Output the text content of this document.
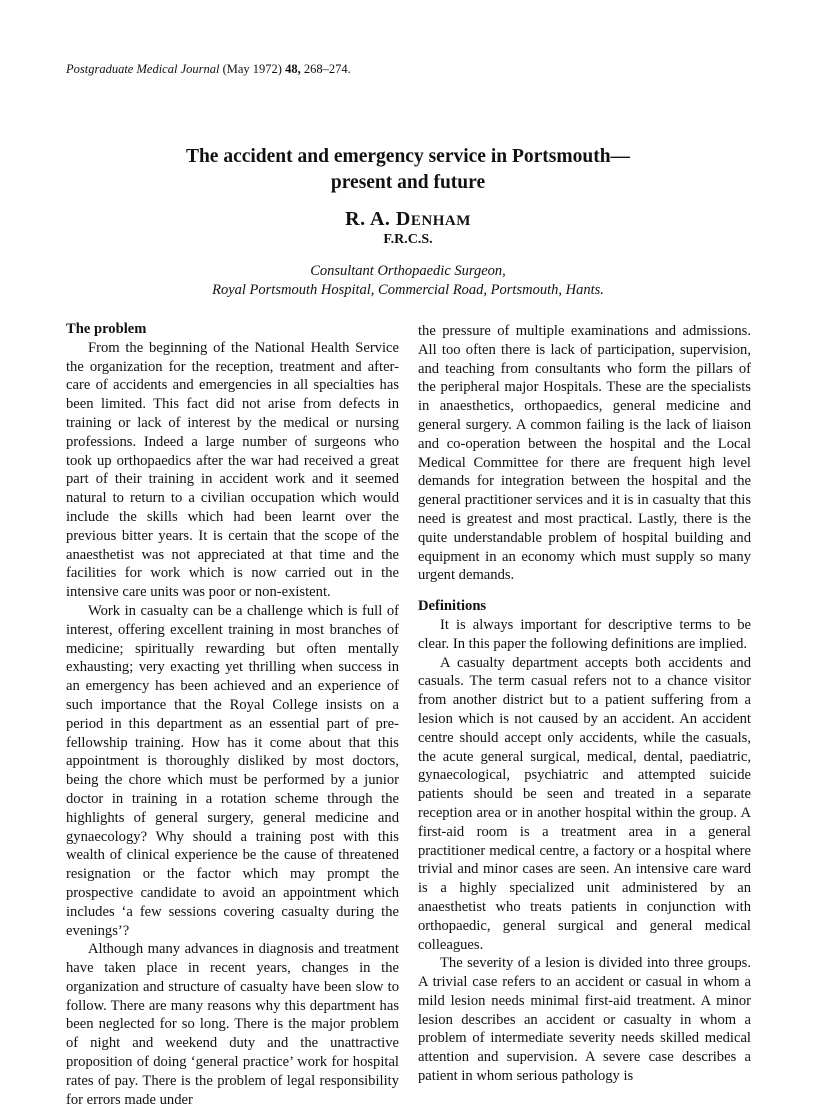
Postgraduate Medical Journal (May 1972) 48, 268–274.
The accident and emergency service in Portsmouth—
present and future
R. A. DENHAM
F.R.C.S.
Consultant Orthopaedic Surgeon,
Royal Portsmouth Hospital, Commercial Road, Portsmouth, Hants.
The problem

From the beginning of the National Health Service the organization for the reception, treatment and after-care of accidents and emergencies in all specialties has been limited. This fact did not arise from defects in training or lack of interest by the medical or nursing professions. Indeed a large number of surgeons who took up orthopaedics after the war had received a great part of their training in accident work and it seemed natural to return to a civilian occupation which would include the skills which had been learnt over the previous bitter years. It is certain that the scope of the anaesthetist was not appreciated at that time and the facilities for work which is now carried out in the intensive care units was poor or non-existent.

Work in casualty can be a challenge which is full of interest, offering excellent training in most branches of medicine; spiritually rewarding but often mentally exhausting; very exacting yet thrilling when success in an emergency has been achieved and an experience of such importance that the Royal College insists on a period in this department as an essential part of pre-fellowship training. How has it come about that this appointment is thoroughly disliked by most doctors, being the chore which must be performed by a junior doctor in training in a rotation scheme through the highlights of general surgery, general medicine and gynaecology? Why should a training post with this wealth of clinical experience be the cause of threatened resignation or the factor which may prompt the prospective candidate to avoid an appointment which includes ‘a few sessions covering casualty during the evenings’?

Although many advances in diagnosis and treatment have taken place in recent years, changes in the organization and structure of casualty have been slow to follow. There are many reasons why this department has been neglected for so long. There is the major problem of night and weekend duty and the unattractive proposition of doing ‘general practice’ work for hospital rates of pay. There is the problem of legal responsibility for errors made under

the pressure of multiple examinations and admissions. All too often there is lack of participation, supervision, and teaching from consultants who form the pillars of the peripheral major Hospitals. These are the specialists in anaesthetics, orthopaedics, general medicine and general surgery. A common failing is the lack of liaison and co-operation between the hospital and the Local Medical Committee for there are frequent high level demands for integration between the hospital and the general practitioner services and it is in casualty that this need is greatest and most practical. Lastly, there is the quite understandable problem of hospital building and equipment in an economy which must supply so many urgent demands.

Definitions

It is always important for descriptive terms to be clear. In this paper the following definitions are implied.

A casualty department accepts both accidents and casuals. The term casual refers not to a chance visitor from another district but to a patient suffering from a lesion which is not caused by an accident. An accident centre should accept only accidents, while the casuals, the acute general surgical, medical, dental, paediatric, gynaecological, psychiatric and attempted suicide patients should be seen and treated in a separate reception area or in another hospital within the group. A first-aid room is a treatment area in a general practitioner medical centre, a factory or a hospital where trivial and minor cases are seen. An intensive care ward is a highly specialized unit administered by an anaesthetist who treats patients in conjunction with orthopaedic, general surgical and general medical colleagues.

The severity of a lesion is divided into three groups. A trivial case refers to an accident or casual in whom a mild lesion needs minimal first-aid treatment. A minor lesion describes an accident or casualty in whom a problem of intermediate severity needs skilled medical attention and supervision. A severe case describes a patient in whom serious pathology is
